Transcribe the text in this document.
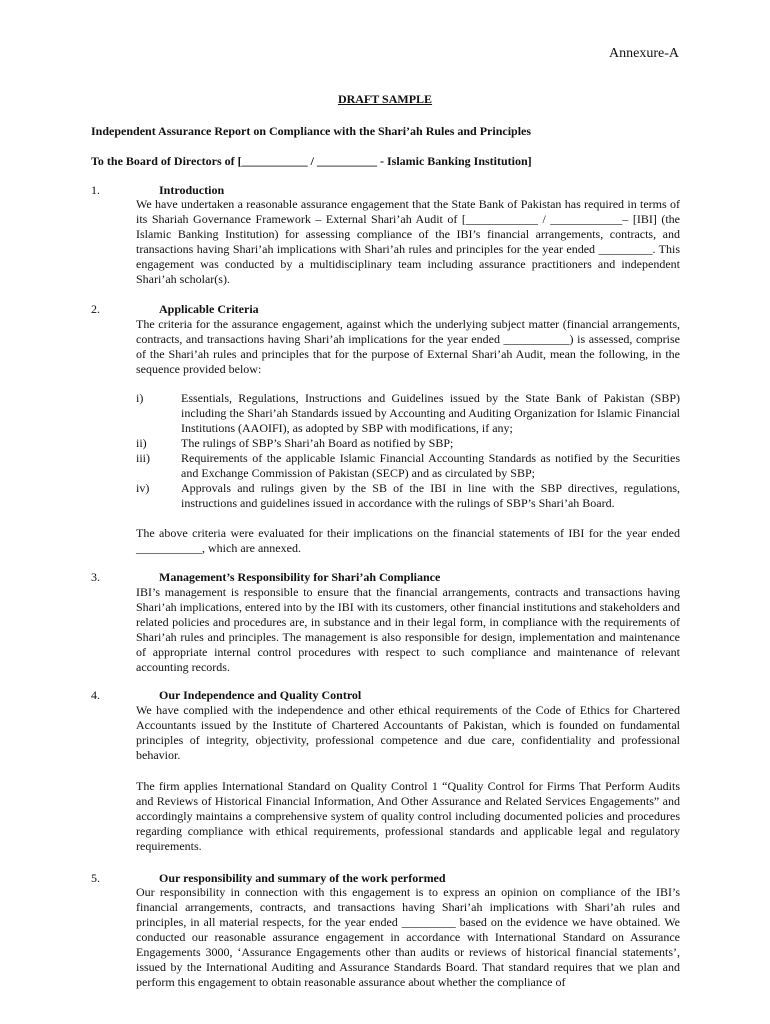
Annexure-A
DRAFT SAMPLE
Independent Assurance Report on Compliance with the Shari’ah Rules and Principles
To the Board of Directors of [___________ / __________ - Islamic Banking Institution]
1.	Introduction
We have undertaken a reasonable assurance engagement that the State Bank of Pakistan has required in terms of its Shariah Governance Framework – External Shari’ah Audit of [____________ / ____________– [IBI] (the Islamic Banking Institution) for assessing compliance of the IBI’s financial arrangements, contracts, and transactions having Shari’ah implications with Shari’ah rules and principles for the year ended _________. This engagement was conducted by a multidisciplinary team including assurance practitioners and independent Shari’ah scholar(s).
2.	Applicable Criteria
The criteria for the assurance engagement, against which the underlying subject matter (financial arrangements, contracts, and transactions having Shari’ah implications for the year ended ___________) is assessed, comprise of the Shari’ah rules and principles that for the purpose of External Shari’ah Audit, mean the following, in the sequence provided below:
i)	Essentials, Regulations, Instructions and Guidelines issued by the State Bank of Pakistan (SBP) including the Shari’ah Standards issued by Accounting and Auditing Organization for Islamic Financial Institutions (AAOIFI), as adopted by SBP with modifications, if any;
ii)	The rulings of SBP’s Shari’ah Board as notified by SBP;
iii)	Requirements of the applicable Islamic Financial Accounting Standards as notified by the Securities and Exchange Commission of Pakistan (SECP) and as circulated by SBP;
iv)	Approvals and rulings given by the SB of the IBI in line with the SBP directives, regulations, instructions and guidelines issued in accordance with the rulings of SBP’s Shari’ah Board.
The above criteria were evaluated for their implications on the financial statements of IBI for the year ended ___________, which are annexed.
3.	Management’s Responsibility for Shari’ah Compliance
IBI’s management is responsible to ensure that the financial arrangements, contracts and transactions having Shari’ah implications, entered into by the IBI with its customers, other financial institutions and stakeholders and related policies and procedures are, in substance and in their legal form, in compliance with the requirements of Shari’ah rules and principles. The management is also responsible for design, implementation and maintenance of appropriate internal control procedures with respect to such compliance and maintenance of relevant accounting records.
4.	Our Independence and Quality Control
We have complied with the independence and other ethical requirements of the Code of Ethics for Chartered Accountants issued by the Institute of Chartered Accountants of Pakistan, which is founded on fundamental principles of integrity, objectivity, professional competence and due care, confidentiality and professional behavior.
The firm applies International Standard on Quality Control 1 “Quality Control for Firms That Perform Audits and Reviews of Historical Financial Information, And Other Assurance and Related Services Engagements” and accordingly maintains a comprehensive system of quality control including documented policies and procedures regarding compliance with ethical requirements, professional standards and applicable legal and regulatory requirements.
5.	Our responsibility and summary of the work performed
Our responsibility in connection with this engagement is to express an opinion on compliance of the IBI’s financial arrangements, contracts, and transactions having Shari’ah implications with Shari’ah rules and principles, in all material respects, for the year ended _________ based on the evidence we have obtained. We conducted our reasonable assurance engagement in accordance with International Standard on Assurance Engagements 3000, ‘Assurance Engagements other than audits or reviews of historical financial statements’, issued by the International Auditing and Assurance Standards Board. That standard requires that we plan and perform this engagement to obtain reasonable assurance about whether the compliance of
